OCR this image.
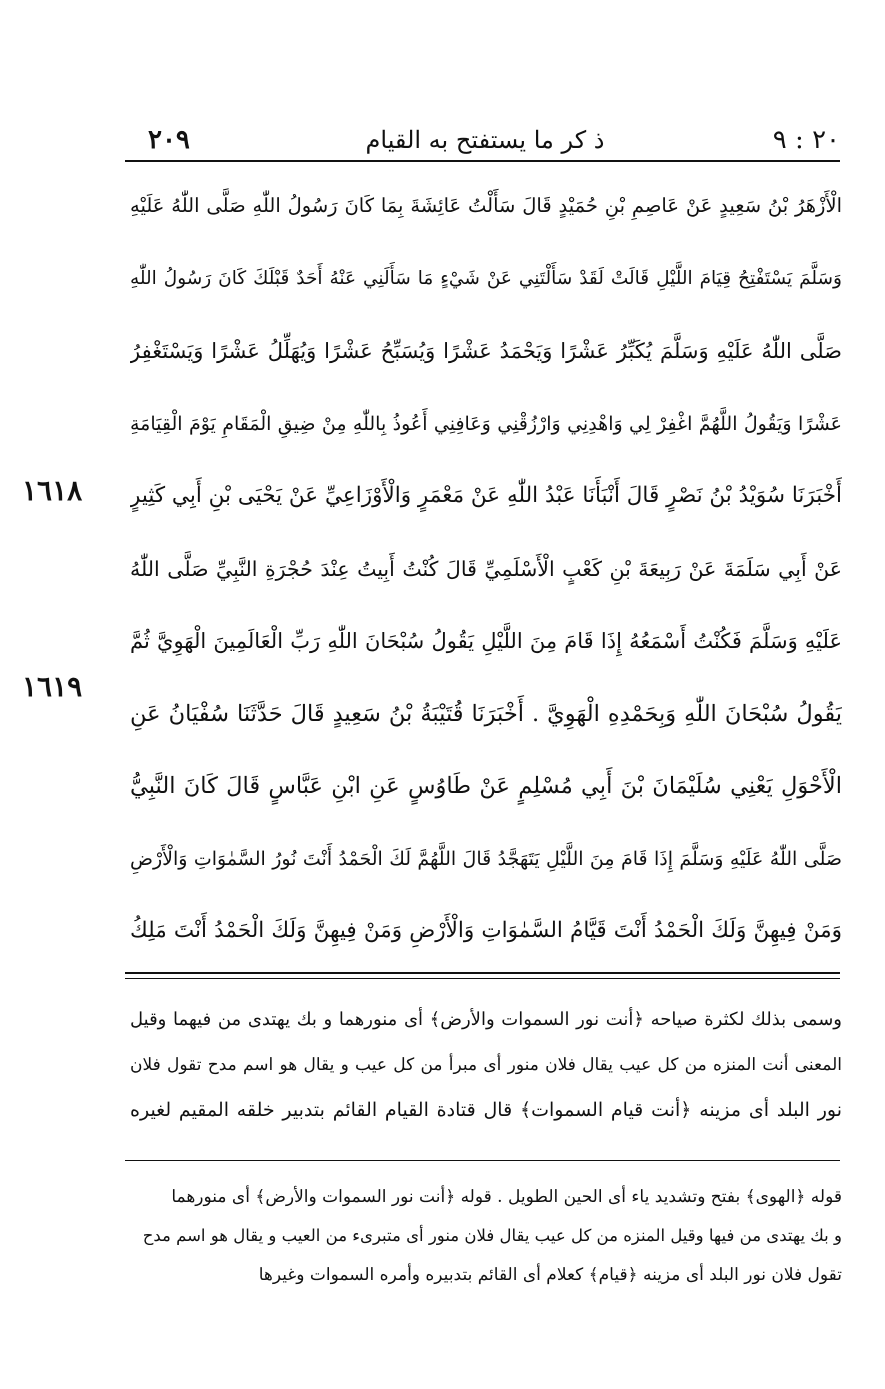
٢٠ : ٩
ذ كر ما يستفتح به القيام
٢٠٩
١٦١٨
١٦١٩
الْأَزْهَرُ بْنُ سَعِيدٍ عَنْ عَاصِمِ بْنِ حُمَيْدٍ قَالَ سَأَلْتُ عَائِشَةَ بِمَا كَانَ رَسُولُ اللّٰهِ صَلَّى اللّٰهُ عَلَيْهِ
وَسَلَّمَ يَسْتَفْتِحُ قِيَامَ اللَّيْلِ قَالَتْ لَقَدْ سَأَلْتَنِي عَنْ شَيْءٍ مَا سَأَلَنِي عَنْهُ أَحَدٌ قَبْلَكَ كَانَ رَسُولُ اللّٰهِ
صَلَّى اللّٰهُ عَلَيْهِ وَسَلَّمَ يُكَبِّرُ عَشْرًا وَيَحْمَدُ عَشْرًا وَيُسَبِّحُ عَشْرًا وَيُهَلِّلُ عَشْرًا وَيَسْتَغْفِرُ
عَشْرًا وَيَقُولُ اللَّهُمَّ اغْفِرْ لِي وَاهْدِنِي وَارْزُقْنِي وَعَافِنِي أَعُوذُ بِاللّٰهِ مِنْ ضِيقِ الْمَقَامِ يَوْمَ الْقِيَامَةِ
أَخْبَرَنَا سُوَيْدُ بْنُ نَصْرٍ قَالَ أَنْبَأَنَا عَبْدُ اللّٰهِ عَنْ مَعْمَرٍ وَالْأَوْزَاعِيِّ عَنْ يَحْيَى بْنِ أَبِي كَثِيرٍ
عَنْ أَبِي سَلَمَةَ عَنْ رَبِيعَةَ بْنِ كَعْبٍ الْأَسْلَمِيِّ قَالَ كُنْتُ أَبِيتُ عِنْدَ حُجْرَةِ النَّبِيِّ صَلَّى اللّٰهُ
عَلَيْهِ وَسَلَّمَ فَكُنْتُ أَسْمَعُهُ إِذَا قَامَ مِنَ اللَّيْلِ يَقُولُ سُبْحَانَ اللّٰهِ رَبِّ الْعَالَمِينَ الْهَوِيَّ ثُمَّ
يَقُولُ سُبْحَانَ اللّٰهِ وَبِحَمْدِهِ الْهَوِيَّ . أَخْبَرَنَا قُتَيْبَةُ بْنُ سَعِيدٍ قَالَ حَدَّثَنَا سُفْيَانُ عَنِ
الْأَحْوَلِ يَعْنِي سُلَيْمَانَ بْنَ أَبِي مُسْلِمٍ عَنْ طَاوُسٍ عَنِ ابْنِ عَبَّاسٍ قَالَ كَانَ النَّبِيُّ
صَلَّى اللّٰهُ عَلَيْهِ وَسَلَّمَ إِذَا قَامَ مِنَ اللَّيْلِ يَتَهَجَّدُ قَالَ اللَّهُمَّ لَكَ الْحَمْدُ أَنْتَ نُورُ السَّمٰوَاتِ وَالْأَرْضِ
وَمَنْ فِيهِنَّ وَلَكَ الْحَمْدُ أَنْتَ قَيَّامُ السَّمٰوَاتِ وَالْأَرْضِ وَمَنْ فِيهِنَّ وَلَكَ الْحَمْدُ أَنْتَ مَلِكُ
وسمى بذلك لكثرة صياحه ﴿أنت نور السموات والأرض﴾ أى منورهما و بك يهتدى من فيهما وقيل
المعنى أنت المنزه من كل عيب يقال فلان منور أى مبرأ من كل عيب و يقال هو اسم مدح تقول فلان
نور البلد أى مزينه ﴿أنت قيام السموات﴾ قال قتادة القيام القائم بتدبير خلقه المقيم لغيره
قوله ﴿الهوى﴾ بفتح وتشديد ياء أى الحين الطويل . قوله ﴿أنت نور السموات والأرض﴾ أى منورهما
و بك يهتدى من فيها وقيل المنزه من كل عيب يقال فلان منور أى متبرىء من العيب و يقال هو اسم مدح
تقول فلان نور البلد أى مزينه ﴿قيام﴾ كعلام أى القائم بتدبيره وأمره السموات وغيرها
